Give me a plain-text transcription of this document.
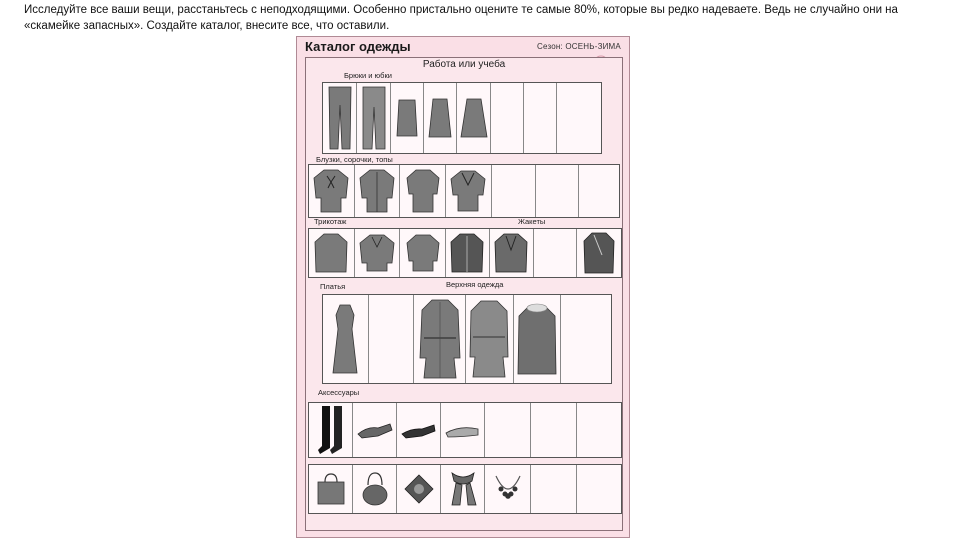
Исследуйте все ваши вещи, расстаньтесь с неподходящими. Особенно пристально оцените те самые 80%, которые вы редко надеваете. Ведь не случайно они на «скамейке запасных». Создайте каталог, внесите все, что оставили.
Каталог одежды	Сезон: ОСЕНЬ-ЗИМА
Работа или учеба
Брюки и юбки
Блузки, сорочки, топы
Трикотаж	Жакеты
Платья	Верхняя одежда
Аксессуары
